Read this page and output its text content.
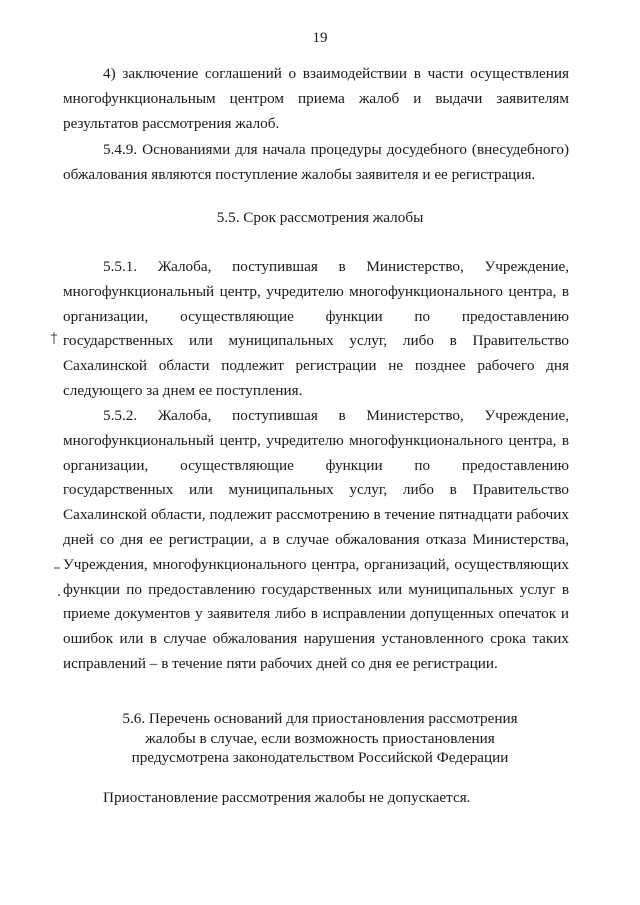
19

4) заключение соглашений о взаимодействии в части осуществления многофункциональным центром приема жалоб и выдачи заявителям результатов рассмотрения жалоб.

5.4.9. Основаниями для начала процедуры досудебного (внесудебного) обжалования являются поступление жалобы заявителя и ее регистрация.

5.5. Срок рассмотрения жалобы

5.5.1. Жалоба, поступившая в Министерство, Учреждение, многофункциональный центр, учредителю многофункционального центра, в организации, осуществляющие функции по предоставлению государственных или муниципальных услуг, либо в Правительство Сахалинской области подлежит регистрации не позднее рабочего дня следующего за днем ее поступления.

5.5.2. Жалоба, поступившая в Министерство, Учреждение, многофункциональный центр, учредителю многофункционального центра, в организации, осуществляющие функции по предоставлению государственных или муниципальных услуг, либо в Правительство Сахалинской области, подлежит рассмотрению в течение пятнадцати рабочих дней со дня ее регистрации, а в случае обжалования отказа Министерства, Учреждения, многофункционального центра, организаций, осуществляющих функции по предоставлению государственных или муниципальных услуг в приеме документов у заявителя либо в исправлении допущенных опечаток и ошибок или в случае обжалования нарушения установленного срока таких исправлений – в течение пяти рабочих дней со дня ее регистрации.

5.6. Перечень оснований для приостановления рассмотрения
жалобы в случае, если возможность приостановления
предусмотрена законодательством Российской Федерации

Приостановление рассмотрения жалобы не допускается.
